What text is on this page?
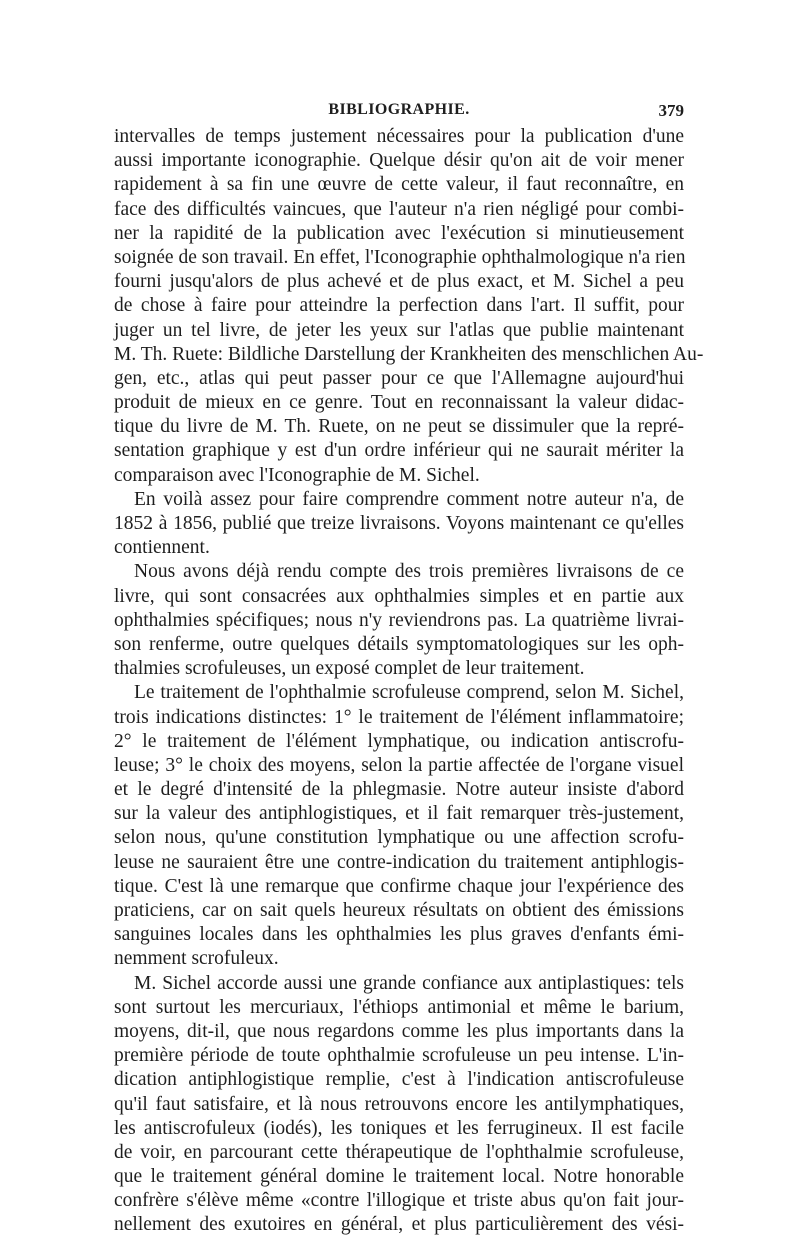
BIBLIOGRAPHIE.	379
intervalles de temps justement nécessaires pour la publication d'une
aussi importante iconographie. Quelque désir qu'on ait de voir mener
rapidement à sa fin une œuvre de cette valeur, il faut reconnaître, en
face des difficultés vaincues, que l'auteur n'a rien négligé pour combi-
ner la rapidité de la publication avec l'exécution si minutieusement
soignée de son travail. En effet, l'Iconographie ophthalmologique n'a rien
fourni jusqu'alors de plus achevé et de plus exact, et M. Sichel a peu
de chose à faire pour atteindre la perfection dans l'art. Il suffit, pour
juger un tel livre, de jeter les yeux sur l'atlas que publie maintenant
M. Th. Ruete: Bildliche Darstellung der Krankheiten des menschlichen Au-
gen, etc., atlas qui peut passer pour ce que l'Allemagne aujourd'hui
produit de mieux en ce genre. Tout en reconnaissant la valeur didac-
tique du livre de M. Th. Ruete, on ne peut se dissimuler que la repré-
sentation graphique y est d'un ordre inférieur qui ne saurait mériter la
comparaison avec l'Iconographie de M. Sichel.
En voilà assez pour faire comprendre comment notre auteur n'a, de
1852 à 1856, publié que treize livraisons. Voyons maintenant ce qu'elles
contiennent.
Nous avons déjà rendu compte des trois premières livraisons de ce
livre, qui sont consacrées aux ophthalmies simples et en partie aux
ophthalmies spécifiques; nous n'y reviendrons pas. La quatrième livrai-
son renferme, outre quelques détails symptomatologiques sur les oph-
thalmies scrofuleuses, un exposé complet de leur traitement.
Le traitement de l'ophthalmie scrofuleuse comprend, selon M. Sichel,
trois indications distinctes: 1° le traitement de l'élément inflammatoire;
2° le traitement de l'élément lymphatique, ou indication antiscrofu-
leuse; 3° le choix des moyens, selon la partie affectée de l'organe visuel
et le degré d'intensité de la phlegmasie. Notre auteur insiste d'abord
sur la valeur des antiphlogistiques, et il fait remarquer très-justement,
selon nous, qu'une constitution lymphatique ou une affection scrofu-
leuse ne sauraient être une contre-indication du traitement antiphlogis-
tique. C'est là une remarque que confirme chaque jour l'expérience des
praticiens, car on sait quels heureux résultats on obtient des émissions
sanguines locales dans les ophthalmies les plus graves d'enfants émi-
nemment scrofuleux.
M. Sichel accorde aussi une grande confiance aux antiplastiques: tels
sont surtout les mercuriaux, l'éthiops antimonial et même le barium,
moyens, dit-il, que nous regardons comme les plus importants dans la
première période de toute ophthalmie scrofuleuse un peu intense. L'in-
dication antiphlogistique remplie, c'est à l'indication antiscrofuleuse
qu'il faut satisfaire, et là nous retrouvons encore les antilymphatiques,
les antiscrofuleux (iodés), les toniques et les ferrugineux. Il est facile
de voir, en parcourant cette thérapeutique de l'ophthalmie scrofuleuse,
que le traitement général domine le traitement local. Notre honorable
confrère s'élève même «contre l'illogique et triste abus qu'on fait jour-
nellement des exutoires en général, et plus particulièrement des vési-
